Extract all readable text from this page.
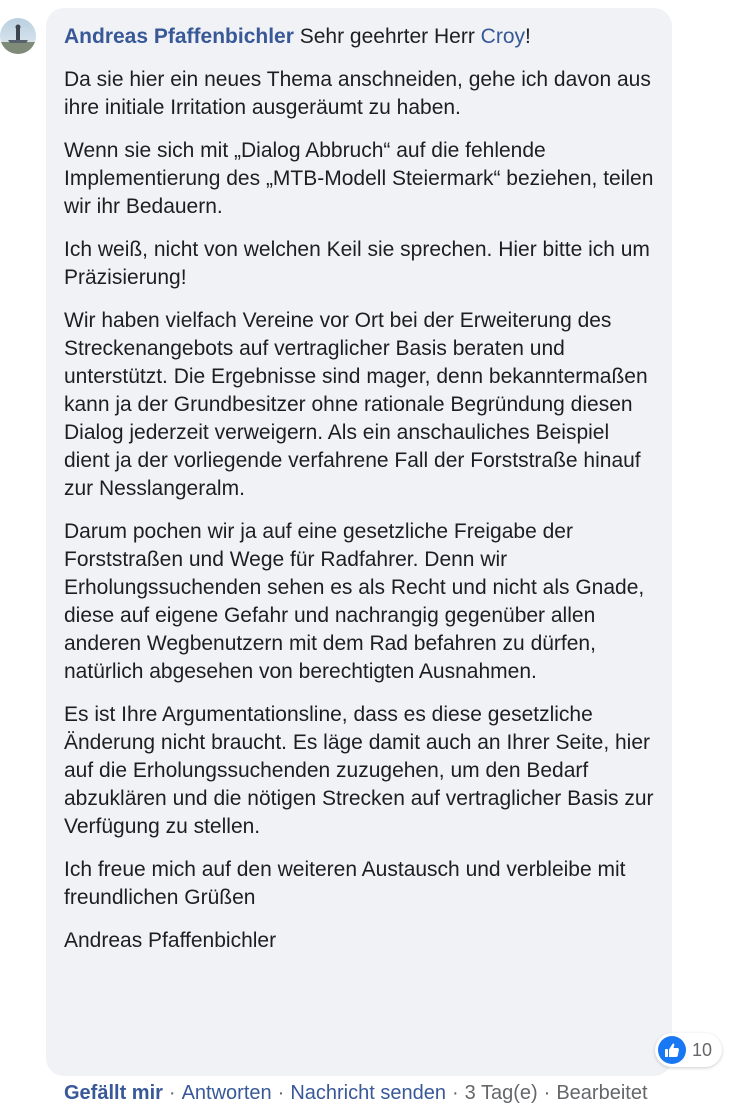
Andreas Pfaffenbichler Sehr geehrter Herr Croy!

Da sie hier ein neues Thema anschneiden, gehe ich davon aus ihre initiale Irritation ausgeräumt zu haben.

Wenn sie sich mit „Dialog Abbruch“ auf die fehlende Implementierung des „MTB-Modell Steiermark“ beziehen, teilen wir ihr Bedauern.

Ich weiß, nicht von welchen Keil sie sprechen. Hier bitte ich um Präzisierung!

Wir haben vielfach Vereine vor Ort bei der Erweiterung des Streckenangebots auf vertraglicher Basis beraten und unterstützt. Die Ergebnisse sind mager, denn bekanntermaßen kann ja der Grundbesitzer ohne rationale Begründung diesen Dialog jederzeit verweigern. Als ein anschauliches Beispiel dient ja der vorliegende verfahrene Fall der Forststraße hinauf zur Nesslangeralm.

Darum pochen wir ja auf eine gesetzliche Freigabe der Forststraßen und Wege für Radfahrer. Denn wir Erholungssuchenden sehen es als Recht und nicht als Gnade, diese auf eigene Gefahr und nachrangig gegenüber allen anderen Wegbenutzern mit dem Rad befahren zu dürfen, natürlich abgesehen von berechtigten Ausnahmen.

Es ist Ihre Argumentationsline, dass es diese gesetzliche Änderung nicht braucht. Es läge damit auch an Ihrer Seite, hier auf die Erholungssuchenden zuzugehen, um den Bedarf abzuklären und die nötigen Strecken auf vertraglicher Basis zur Verfügung zu stellen.

Ich freue mich auf den weiteren Austausch und verbleibe mit freundlichen Grüßen

Andreas Pfaffenbichler

10
Gefällt mir · Antworten · Nachricht senden · 3 Tag(e) · Bearbeitet
